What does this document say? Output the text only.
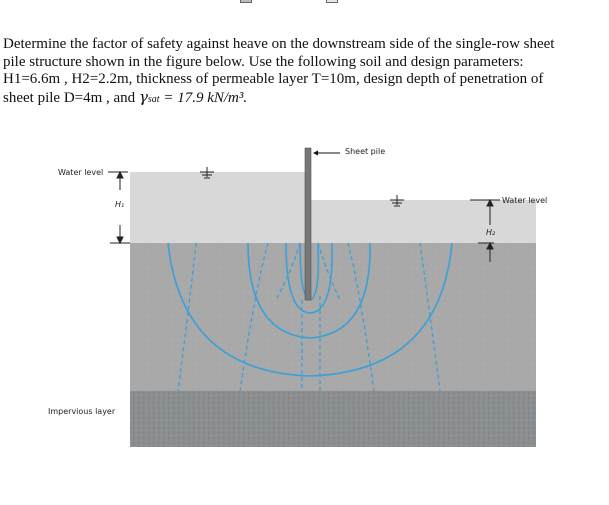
Determine the factor of safety against heave on the downstream side of the single-row sheet

pile structure shown in the figure below. Use the following soil and design parameters:

H1=6.6m , H2=2.2m, thickness of permeable layer T=10m, design depth of penetration of

sheet pile D=4m , and γsat = 17.9 kN/m³.

Sheet pile
Water level
H₁	Water level
H₂
Impervious layer
